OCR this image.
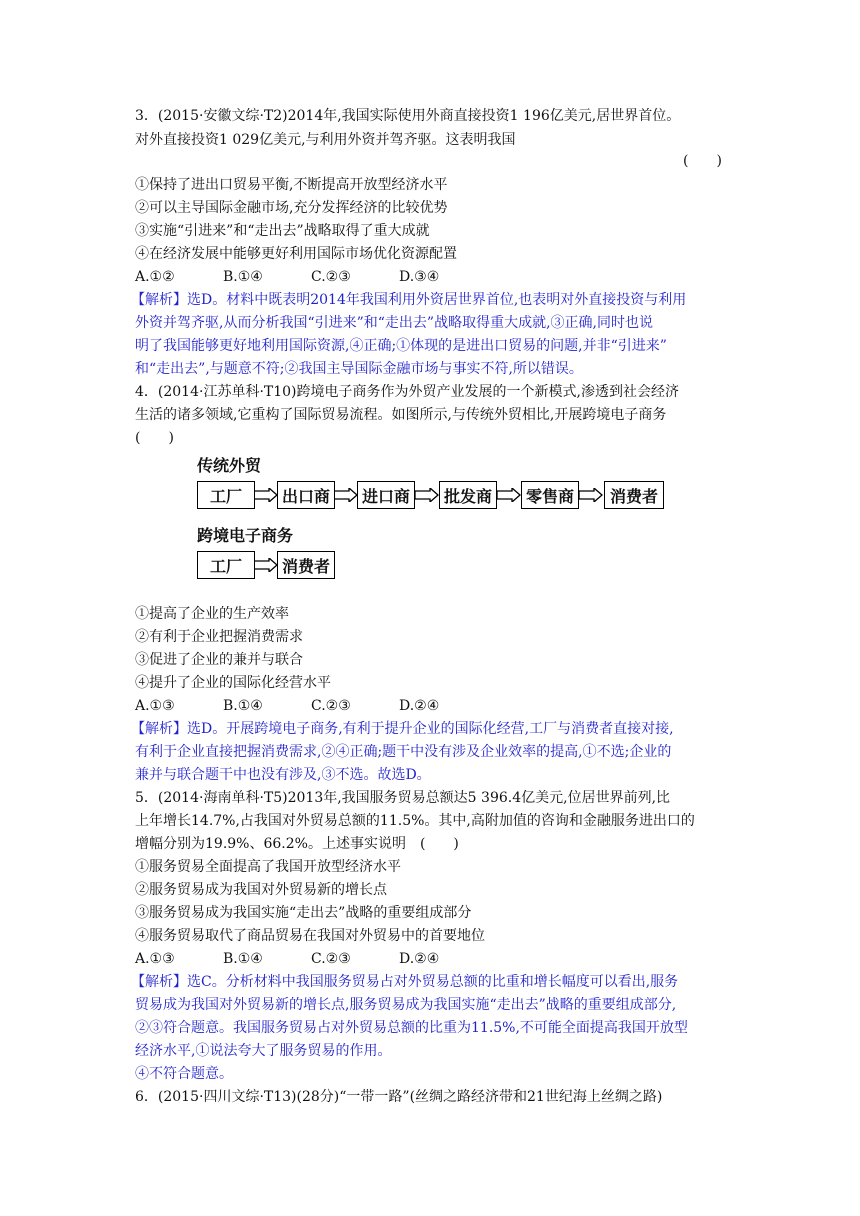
3．(2015·安徽文综·T2)2014年,我国实际使用外商直接投资1 196亿美元,居世界首位。
对外直接投资1 029亿美元,与利用外资并驾齐驱。这表明我国
(　　)
①保持了进出口贸易平衡,不断提高开放型经济水平
②可以主导国际金融市场,充分发挥经济的比较优势
③实施“引进来”和“走出去”战略取得了重大成就
④在经济发展中能够更好利用国际市场优化资源配置
A.①②	B.①④	C.②③	D.③④
【解析】选D。材料中既表明2014年我国利用外资居世界首位,也表明对外直接投资与利用
外资并驾齐驱,从而分析我国“引进来”和“走出去”战略取得重大成就,③正确,同时也说
明了我国能够更好地利用国际资源,④正确;①体现的是进出口贸易的问题,并非“引进来”
和“走出去”,与题意不符;②我国主导国际金融市场与事实不符,所以错误。
4．(2014·江苏单科·T10)跨境电子商务作为外贸产业发展的一个新模式,渗透到社会经济
生活的诸多领域,它重构了国际贸易流程。如图所示,与传统外贸相比,开展跨境电子商务
(　　)
传统外贸
工厂	出口商	进口商	批发商	零售商	消费者
跨境电子商务
工厂	消费者
①提高了企业的生产效率
②有利于企业把握消费需求
③促进了企业的兼并与联合
④提升了企业的国际化经营水平
A.①③	B.①④	C.②③	D.②④
【解析】选D。开展跨境电子商务,有利于提升企业的国际化经营,工厂与消费者直接对接,
有利于企业直接把握消费需求,②④正确;题干中没有涉及企业效率的提高,①不选;企业的
兼并与联合题干中也没有涉及,③不选。故选D。
5．(2014·海南单科·T5)2013年,我国服务贸易总额达5 396.4亿美元,位居世界前列,比
上年增长14.7%,占我国对外贸易总额的11.5%。其中,高附加值的咨询和金融服务进出口的
增幅分别为19.9%、66.2%。上述事实说明　(　　)
①服务贸易全面提高了我国开放型经济水平
②服务贸易成为我国对外贸易新的增长点
③服务贸易成为我国实施“走出去”战略的重要组成部分
④服务贸易取代了商品贸易在我国对外贸易中的首要地位
A.①③	B.①④	C.②③	D.②④
【解析】选C。分析材料中我国服务贸易占对外贸易总额的比重和增长幅度可以看出,服务
贸易成为我国对外贸易新的增长点,服务贸易成为我国实施“走出去”战略的重要组成部分,
②③符合题意。我国服务贸易占对外贸易总额的比重为11.5%,不可能全面提高我国开放型
经济水平,①说法夸大了服务贸易的作用。
④不符合题意。
6．(2015·四川文综·T13)(28分)“一带一路”(丝绸之路经济带和21世纪海上丝绸之路)
